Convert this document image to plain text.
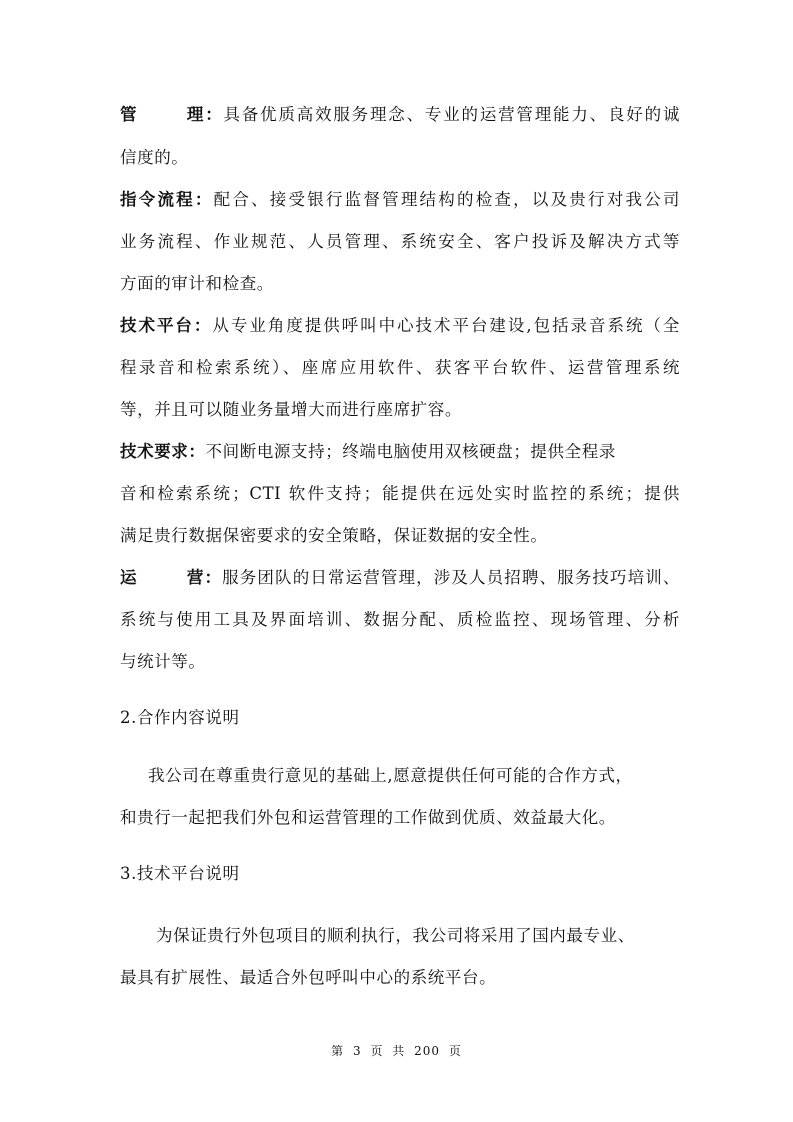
管　　理：具备优质高效服务理念、专业的运营管理能力、良好的诚
信度的。
指令流程：配合、接受银行监督管理结构的检查，以及贵行对我公司
业务流程、作业规范、人员管理、系统安全、客户投诉及解决方式等
方面的审计和检查。
技术平台：从专业角度提供呼叫中心技术平台建设,包括录音系统（全
程录音和检索系统）、座席应用软件、获客平台软件、运营管理系统
等，并且可以随业务量增大而进行座席扩容。
技术要求：不间断电源支持；终端电脑使用双核硬盘；提供全程录
音和检索系统；CTI 软件支持；能提供在远处实时监控的系统；提供
满足贵行数据保密要求的安全策略，保证数据的安全性。
运　　营：服务团队的日常运营管理，涉及人员招聘、服务技巧培训、
系统与使用工具及界面培训、数据分配、质检监控、现场管理、分析
与统计等。
2.合作内容说明
我公司在尊重贵行意见的基础上,愿意提供任何可能的合作方式，
和贵行一起把我们外包和运营管理的工作做到优质、效益最大化。
3.技术平台说明
为保证贵行外包项目的顺利执行，我公司将采用了国内最专业、
最具有扩展性、最适合外包呼叫中心的系统平台。
第 3 页 共 200 页
